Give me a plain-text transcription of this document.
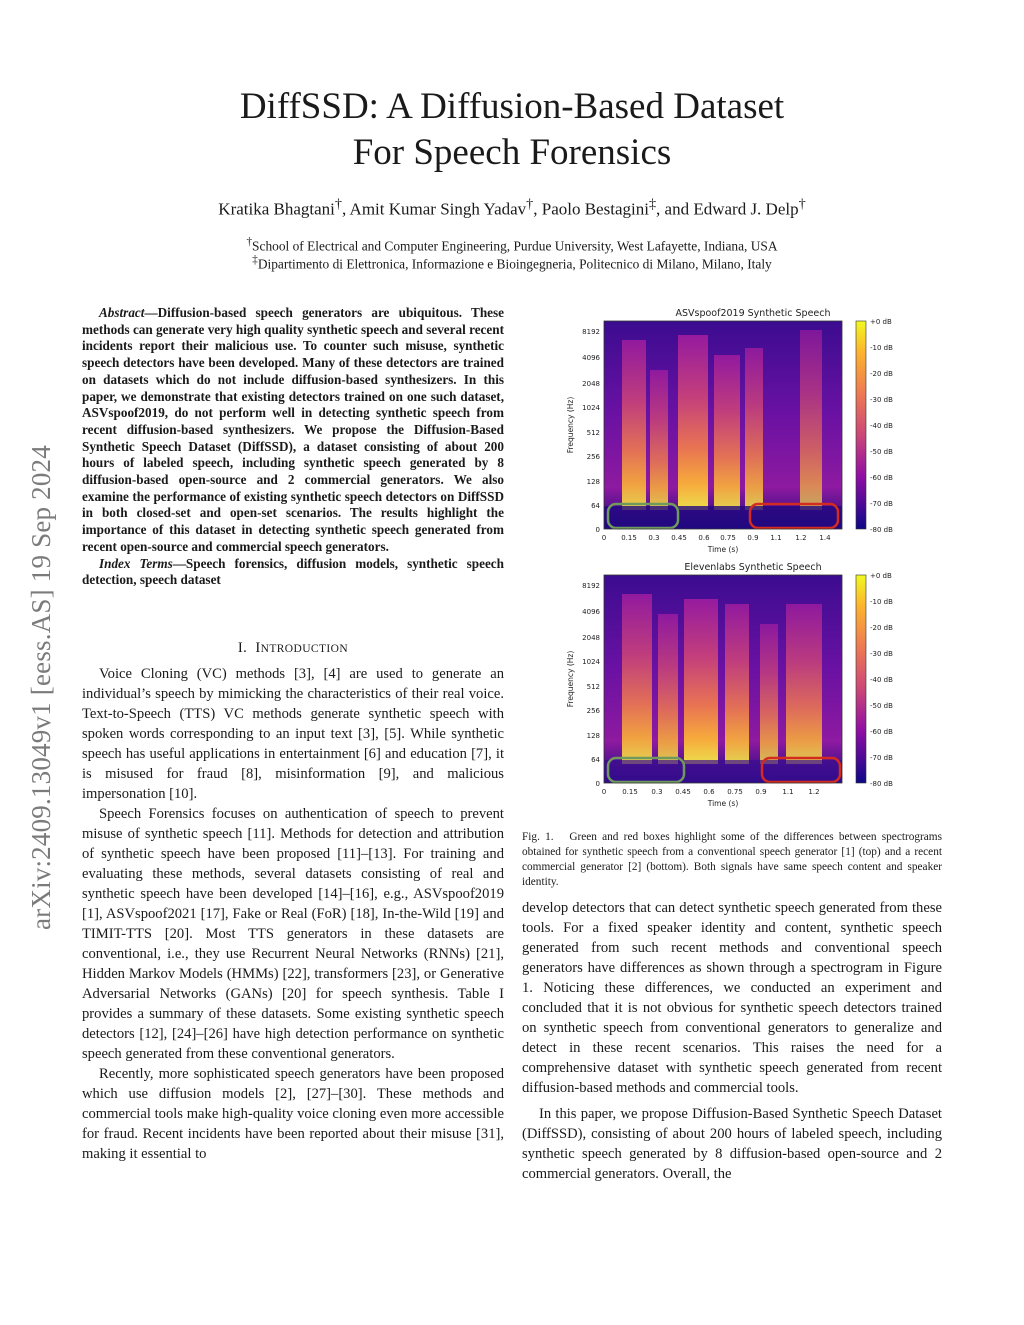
arXiv:2409.13049v1 [eess.AS] 19 Sep 2024
DiffSSD: A Diffusion-Based Dataset
For Speech Forensics
Kratika Bhagtani†, Amit Kumar Singh Yadav†, Paolo Bestagini‡, and Edward J. Delp†
†School of Electrical and Computer Engineering, Purdue University, West Lafayette, Indiana, USA
‡Dipartimento di Elettronica, Informazione e Bioingegneria, Politecnico di Milano, Milano, Italy

Abstract—Diffusion-based speech generators are ubiquitous. These methods can generate very high quality synthetic speech and several recent incidents report their malicious use. To counter such misuse, synthetic speech detectors have been developed. Many of these detectors are trained on datasets which do not include diffusion-based synthesizers. In this paper, we demonstrate that existing detectors trained on one such dataset, ASVspoof2019, do not perform well in detecting synthetic speech from recent diffusion-based synthesizers. We propose the Diffusion-Based Synthetic Speech Dataset (DiffSSD), a dataset consisting of about 200 hours of labeled speech, including synthetic speech generated by 8 diffusion-based open-source and 2 commercial generators. We also examine the performance of existing synthetic speech detectors on DiffSSD in both closed-set and open-set scenarios. The results highlight the importance of this dataset in detecting synthetic speech generated from recent open-source and commercial speech generators.

Index Terms—Speech forensics, diffusion models, synthetic speech detection, speech dataset

I. INTRODUCTION

Voice Cloning (VC) methods [3], [4] are used to generate an individual’s speech by mimicking the characteristics of their real voice. Text-to-Speech (TTS) VC methods generate synthetic speech with spoken words corresponding to an input text [3], [5]. While synthetic speech has useful applications in entertainment [6] and education [7], it is misused for fraud [8], misinformation [9], and malicious impersonation [10].

Speech Forensics focuses on authentication of speech to prevent misuse of synthetic speech [11]. Methods for detection and attribution of synthetic speech have been proposed [11]–[13]. For training and evaluating these methods, several datasets consisting of real and synthetic speech have been developed [14]–[16], e.g., ASVspoof2019 [1], ASVspoof2021 [17], Fake or Real (FoR) [18], In-the-Wild [19] and TIMIT-TTS [20]. Most TTS generators in these datasets are conventional, i.e., they use Recurrent Neural Networks (RNNs) [21], Hidden Markov Models (HMMs) [22], transformers [23], or Generative Adversarial Networks (GANs) [20] for speech synthesis. Table I provides a summary of these datasets. Some existing synthetic speech detectors [12], [24]–[26] have high detection performance on synthetic speech generated from these conventional generators.

Recently, more sophisticated speech generators have been proposed which use diffusion models [2], [27]–[30]. These methods and commercial tools make high-quality voice cloning even more accessible for fraud. Recent incidents have been reported about their misuse [31], making it essential to

ASVspoof2019 Synthetic Speech
Frequency (Hz)
8192
4096
2048
1024
512
256
128
64
0
0 0.15 0.3 0.45 0.6 0.75 0.9 1.1 1.2 1.4
Time (s)
+0 dB
-10 dB
-20 dB
-30 dB
-40 dB
-50 dB
-60 dB
-70 dB
-80 dB
Elevenlabs Synthetic Speech
Frequency (Hz)
8192
4096
2048
1024
512
256
128
64
0
0 0.15 0.3 0.45 0.6 0.75 0.9 1.1 1.2
Time (s)
+0 dB
-10 dB
-20 dB
-30 dB
-40 dB
-50 dB
-60 dB
-70 dB
-80 dB
Fig. 1. Green and red boxes highlight some of the differences between spectrograms obtained for synthetic speech from a conventional speech generator [1] (top) and a recent commercial generator [2] (bottom). Both signals have same speech content and speaker identity.

develop detectors that can detect synthetic speech generated from these tools. For a fixed speaker identity and content, synthetic speech generated from such recent methods and conventional speech generators have differences as shown through a spectrogram in Figure 1. Noticing these differences, we conducted an experiment and concluded that it is not obvious for synthetic speech detectors trained on synthetic speech from conventional generators to generalize and detect in these recent scenarios. This raises the need for a comprehensive dataset with synthetic speech generated from recent diffusion-based methods and commercial tools.

In this paper, we propose Diffusion-Based Synthetic Speech Dataset (DiffSSD), consisting of about 200 hours of labeled speech, including synthetic speech generated by 8 diffusion-based open-source and 2 commercial generators. Overall, the
